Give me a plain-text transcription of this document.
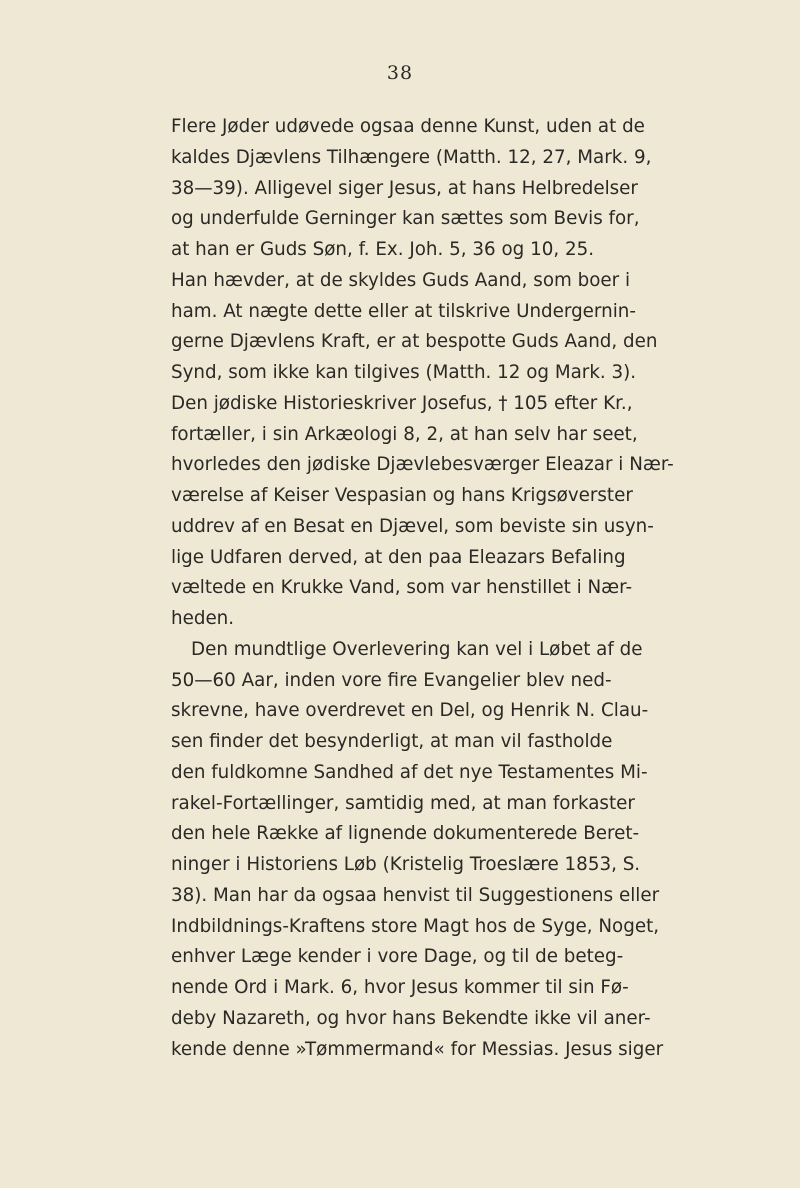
38
Flere Jøder udøvede ogsaa denne Kunst, uden at de
kaldes Djævlens Tilhængere (Matth. 12, 27, Mark. 9,
38—39). Alligevel siger Jesus, at hans Helbredelser
og underfulde Gerninger kan sættes som Bevis for,
at han er Guds Søn, f. Ex. Joh. 5, 36 og 10, 25.
Han hævder, at de skyldes Guds Aand, som boer i
ham. At nægte dette eller at tilskrive Undergernin-
gerne Djævlens Kraft, er at bespotte Guds Aand, den
Synd, som ikke kan tilgives (Matth. 12 og Mark. 3).
Den jødiske Historieskriver Josefus, † 105 efter Kr.,
fortæller, i sin Arkæologi 8, 2, at han selv har seet,
hvorledes den jødiske Djævlebesværger Eleazar i Nær-
værelse af Keiser Vespasian og hans Krigsøverster
uddrev af en Besat en Djævel, som beviste sin usyn-
lige Udfaren derved, at den paa Eleazars Befaling
væltede en Krukke Vand, som var henstillet i Nær-
heden.
Den mundtlige Overlevering kan vel i Løbet af de
50—60 Aar, inden vore fire Evangelier blev ned-
skrevne, have overdrevet en Del, og Henrik N. Clau-
sen finder det besynderligt, at man vil fastholde
den fuldkomne Sandhed af det nye Testamentes Mi-
rakel-Fortællinger, samtidig med, at man forkaster
den hele Række af lignende dokumenterede Beret-
ninger i Historiens Løb (Kristelig Troeslære 1853, S.
38). Man har da ogsaa henvist til Suggestionens eller
Indbildnings-Kraftens store Magt hos de Syge, Noget,
enhver Læge kender i vore Dage, og til de beteg-
nende Ord i Mark. 6, hvor Jesus kommer til sin Fø-
deby Nazareth, og hvor hans Bekendte ikke vil aner-
kende denne »Tømmermand« for Messias. Jesus siger
